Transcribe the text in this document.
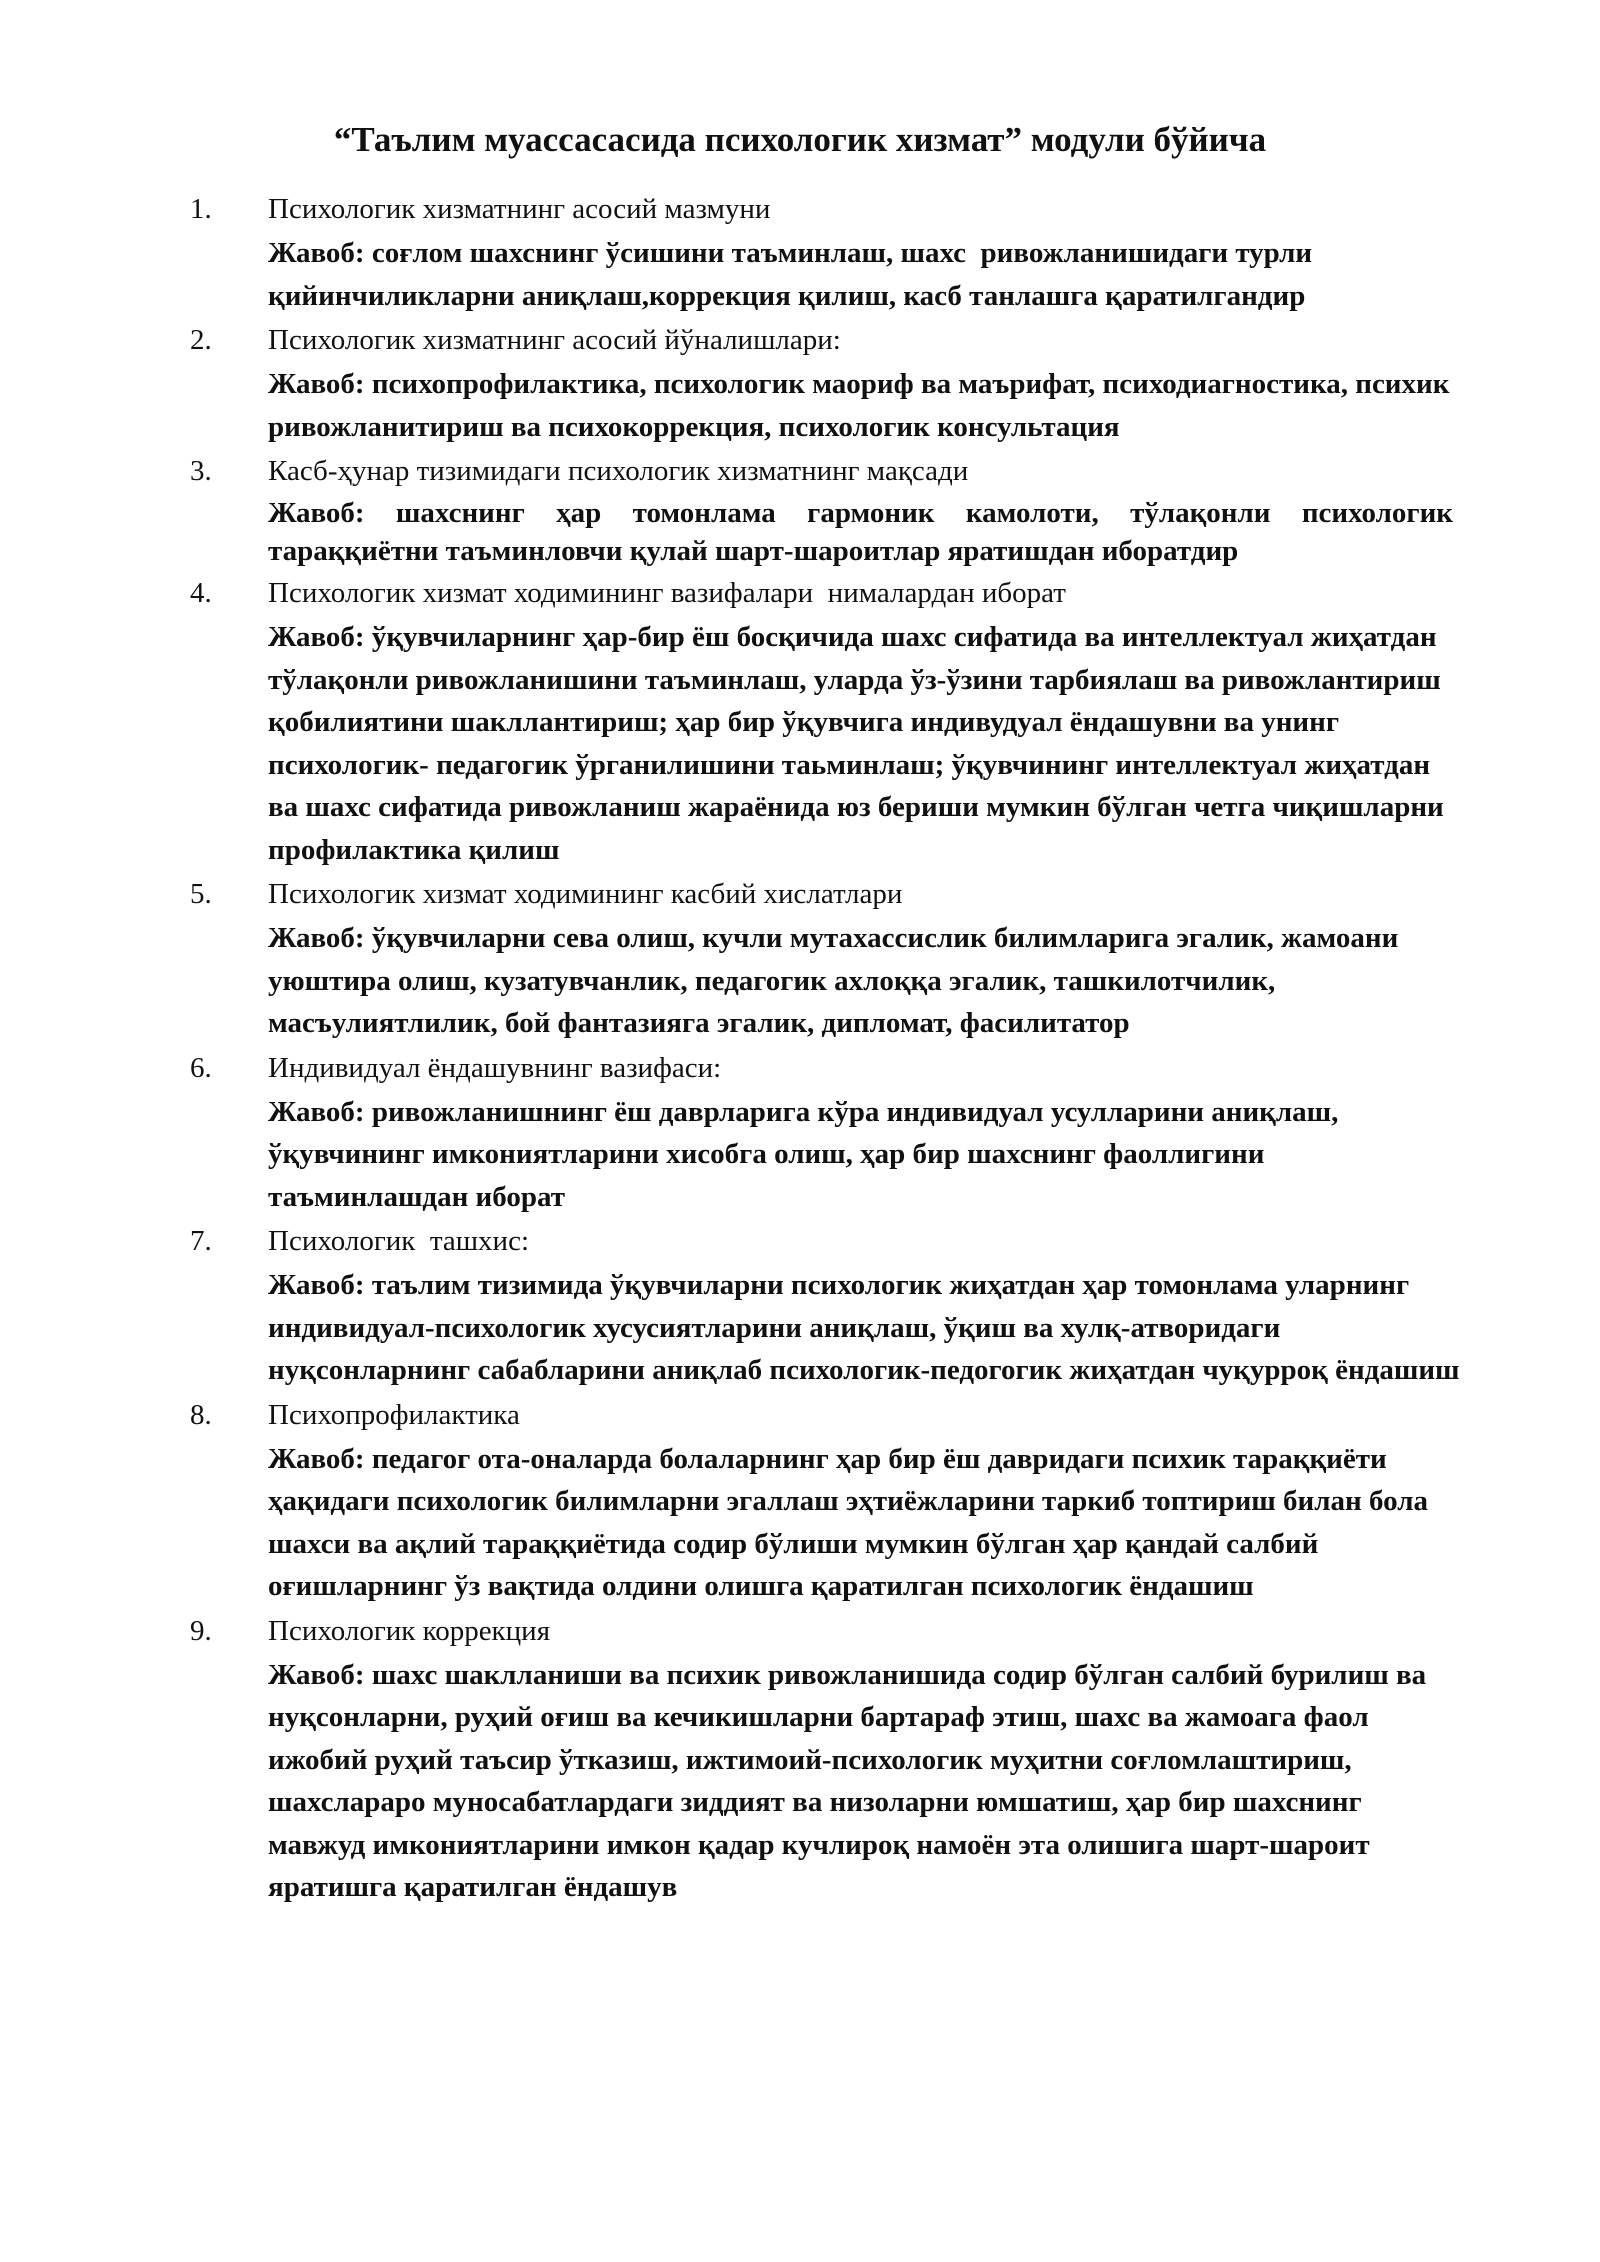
“Таълим муассасасида психологик хизмат” модули бўйича
1. Психологик хизматнинг асосий мазмуни

Жавоб: соғлом шахснинг ўсишини таъминлаш, шахс  ривожланишидаги турли қийинчиликларни аниқлаш,коррекция қилиш, касб танлашга қаратилгандир

2. Психологик хизматнинг асосий йўналишлари:

Жавоб: психопрофилактика, психологик маориф ва маърифат, психодиагностика, психик ривожланитириш ва психокоррекция, психологик консультация

3. Касб-ҳунар тизимидаги психологик хизматнинг мақсади

Жавоб: шахснинг ҳар томонлама гармоник камолоти, тўлақонли психологик тараққиётни таъминловчи қулай шарт-шароитлар яратишдан иборатдир

4. Психологик хизмат ходимининг вазифалари  нималардан иборат

Жавоб: ўқувчиларнинг ҳар-бир ёш босқичида шахс сифатида ва интеллектуал жиҳатдан тўлақонли ривожланишини таъминлаш, уларда ўз-ўзини тарбиялаш ва ривожлантириш қобилиятини шакллантириш; ҳар бир ўқувчига индивудуал ёндашувни ва унинг психологик- педагогик ўрганилишини таьминлаш; ўқувчининг интеллектуал жиҳатдан ва шахс сифатида ривожланиш жараёнида юз бериши мумкин бўлган четга чиқишларни профилактика қилиш

5. Психологик хизмат ходимининг касбий хислатлари

Жавоб: ўқувчиларни сева олиш, кучли мутахассислик билимларига эгалик, жамоани уюштира олиш, кузатувчанлик, педагогик ахлоққа эгалик, ташкилотчилик, масъулиятлилик, бой фантазияга эгалик, дипломат, фасилитатор

6. Индивидуал ёндашувнинг вазифаси:

Жавоб: ривожланишнинг ёш даврларига кўра индивидуал усулларини аниқлаш, ўқувчининг имкониятларини хисобга олиш, ҳар бир шахснинг фаоллигини таъминлашдан иборат

7. Психологик  ташхис:

Жавоб: таълим тизимида ўқувчиларни психологик жиҳатдан ҳар томонлама уларнинг индивидуал-психологик хусусиятларини аниқлаш, ўқиш ва хулқ-атворидаги нуқсонларнинг сабабларини аниқлаб психологик-педогогик жиҳатдан чуқурроқ ёндашиш

8. Психопрофилактика

Жавоб: педагог ота-оналарда болаларнинг ҳар бир ёш давридаги психик тараққиёти ҳақидаги психологик билимларни эгаллаш эҳтиёжларини таркиб топтириш билан бола шахси ва ақлий тараққиётида содир бўлиши мумкин бўлган ҳар қандай салбий оғишларнинг ўз вақтида олдини олишга қаратилган психологик ёндашиш

9. Психологик коррекция

Жавоб: шахс шаклланиши ва психик ривожланишида содир бўлган салбий бурилиш ва нуқсонларни, руҳий оғиш ва кечикишларни бартараф этиш, шахс ва жамоага фаол ижобий руҳий таъсир ўтказиш, ижтимоий-психологик муҳитни соғломлаштириш, шахслараро муносабатлардаги зиддият ва низоларни юмшатиш, ҳар бир шахснинг мавжуд имкониятларини имкон қадар кучлироқ намоён эта олишига шарт-шароит яратишга қаратилган ёндашув
